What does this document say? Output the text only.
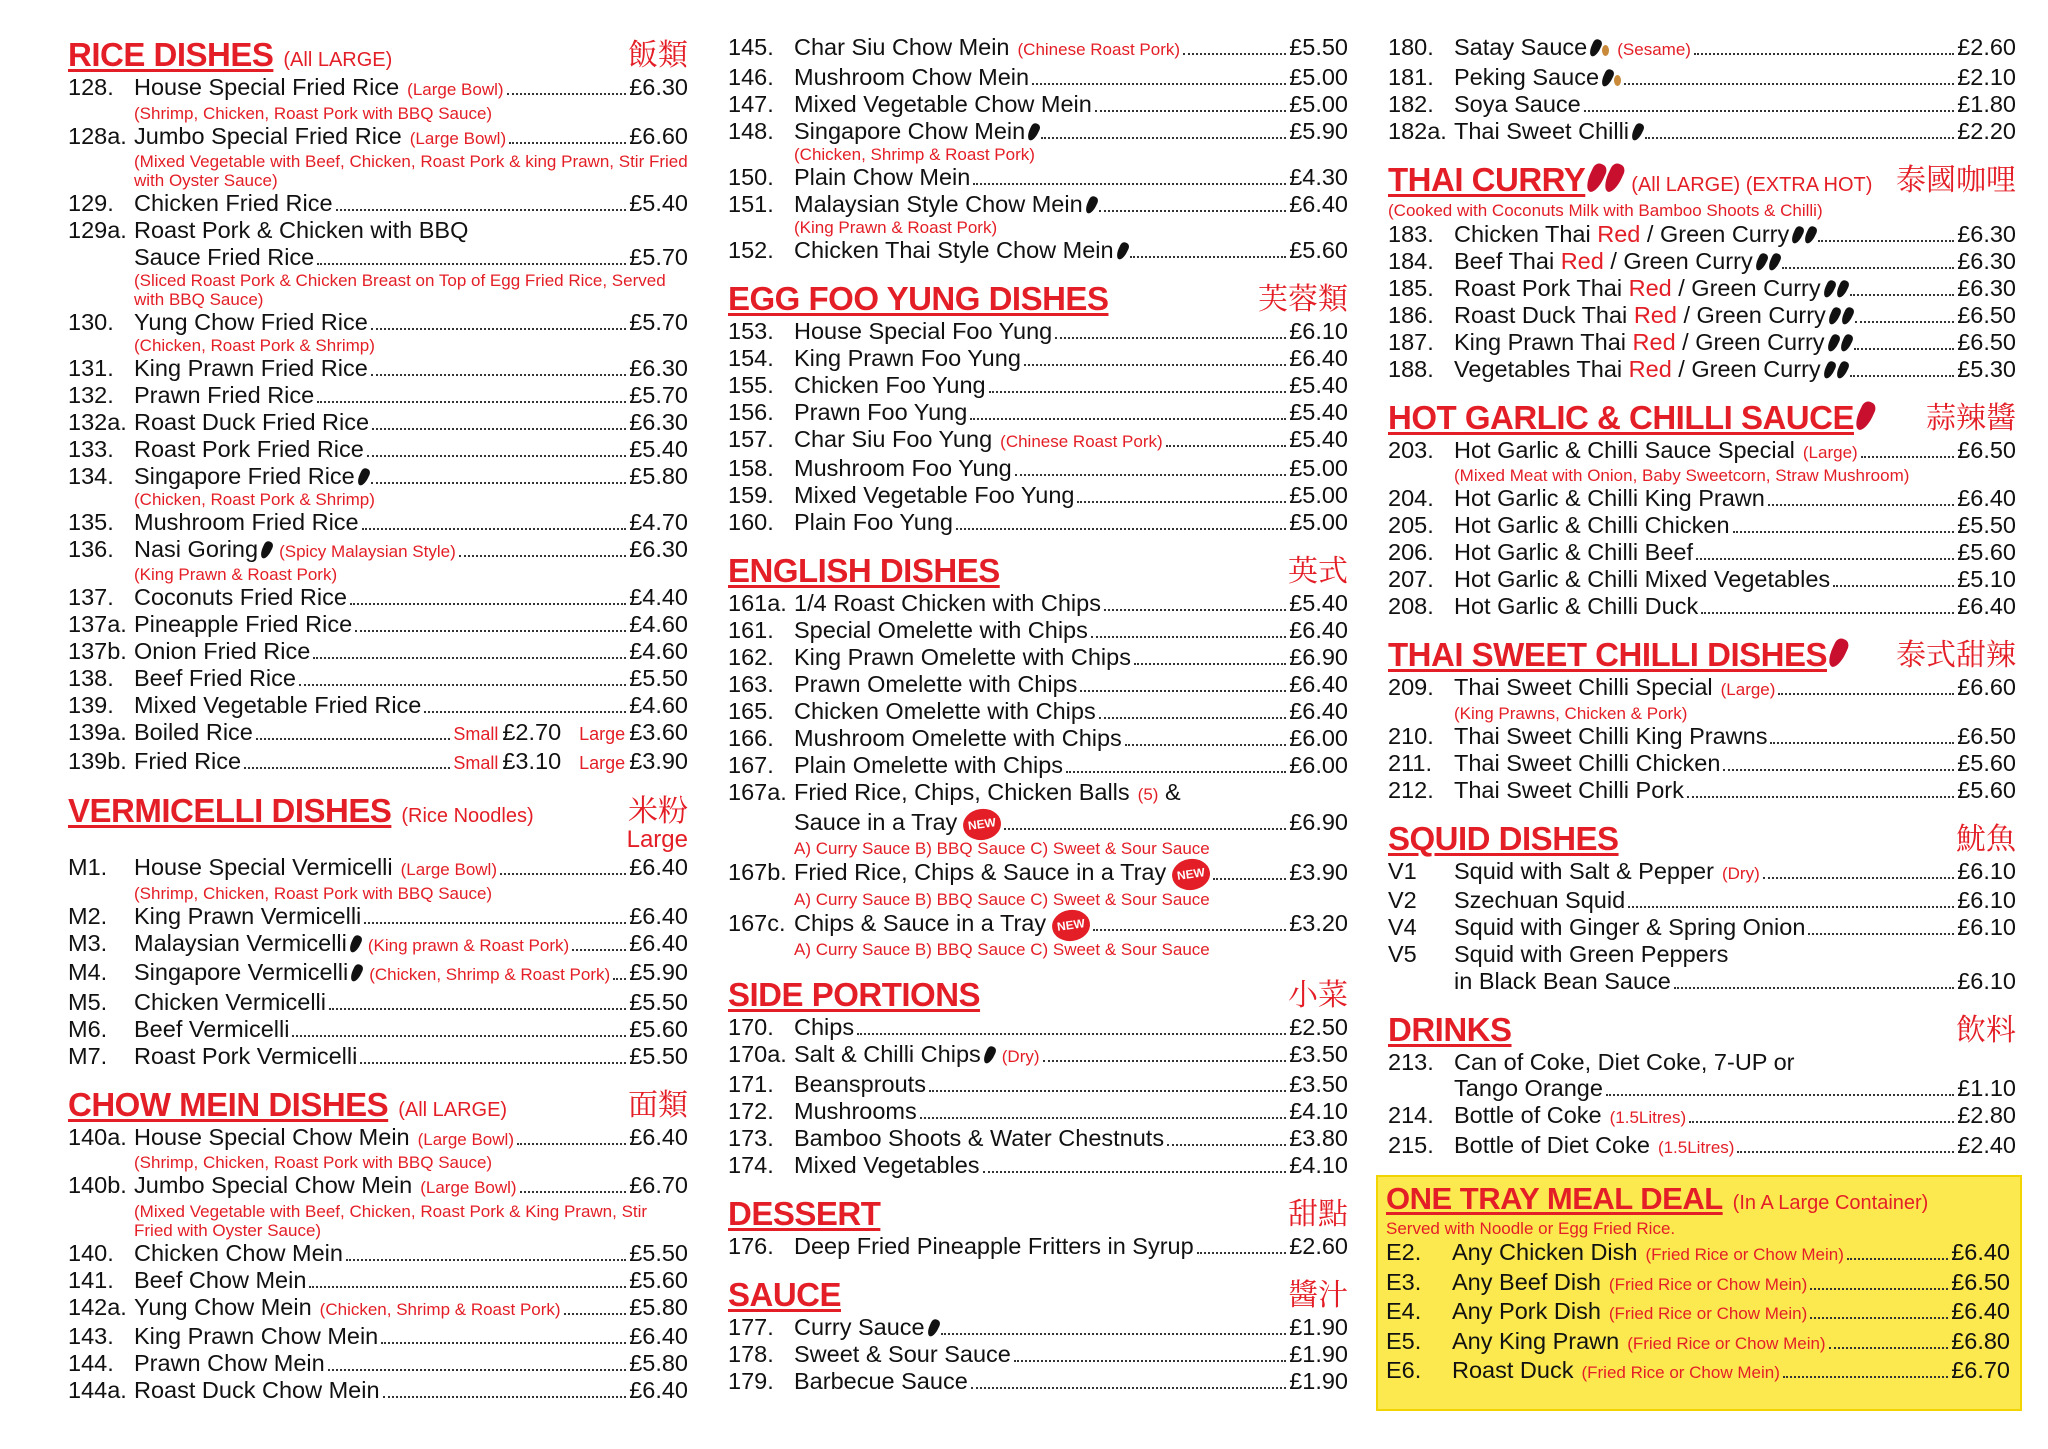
RICE DISHES (All LARGE)	飯類
128. House Special Fried Rice (Large Bowl)	£6.30
(Shrimp, Chicken, Roast Pork with BBQ Sauce)
128a. Jumbo Special Fried Rice (Large Bowl)	£6.60
(Mixed Vegetable with Beef, Chicken, Roast Pork & king Prawn, Stir Fried with Oyster Sauce)
129. Chicken Fried Rice	£5.40
129a. Roast Pork & Chicken with BBQ
Sauce Fried Rice	£5.70
(Sliced Roast Pork & Chicken Breast on Top of Egg Fried Rice, Served with BBQ Sauce)
130. Yung Chow Fried Rice	£5.70
(Chicken, Roast Pork & Shrimp)
131. King Prawn Fried Rice	£6.30
132. Prawn Fried Rice	£5.70
132a. Roast Duck Fried Rice	£6.30
133. Roast Pork Fried Rice	£5.40
134. Singapore Fried Rice	£5.80
(Chicken, Roast Pork & Shrimp)
135. Mushroom Fried Rice	£4.70
136. Nasi Goring (Spicy Malaysian Style)	£6.30
(King Prawn & Roast Pork)
137. Coconuts Fried Rice	£4.40
137a. Pineapple Fried Rice	£4.60
137b. Onion Fried Rice	£4.60
138. Beef Fried Rice	£5.50
139. Mixed Vegetable Fried Rice	£4.60
139a. Boiled Rice	Small £2.70 Large £3.60
139b. Fried Rice	Small £3.10 Large £3.90
VERMICELLI DISHES (Rice Noodles)	米粉
Large
M1.	House Special Vermicelli (Large Bowl)	£6.40
(Shrimp, Chicken, Roast Pork with BBQ Sauce)
M2.	King Prawn Vermicelli	£6.40
M3.	Malaysian Vermicelli (King prawn & Roast Pork)	£6.40
M4.	Singapore Vermicelli (Chicken, Shrimp & Roast Pork) £5.90
M5.	Chicken Vermicelli	£5.50
M6.	Beef Vermicelli	£5.60
M7.	Roast Pork Vermicelli	£5.50
CHOW MEIN DISHES (All LARGE)	面類
140a. House Special Chow Mein (Large Bowl)	£6.40
(Shrimp, Chicken, Roast Pork with BBQ Sauce)
140b. Jumbo Special Chow Mein (Large Bowl)	£6.70
(Mixed Vegetable with Beef, Chicken, Roast Pork & King Prawn, Stir Fried with Oyster Sauce)
140. Chicken Chow Mein	£5.50
141. Beef Chow Mein	£5.60
142a. Yung Chow Mein (Chicken, Shrimp & Roast Pork)	£5.80
143. King Prawn Chow Mein	£6.40
144. Prawn Chow Mein	£5.80
144a. Roast Duck Chow Mein	£6.40
145. Char Siu Chow Mein (Chinese Roast Pork)	£5.50
146. Mushroom Chow Mein	£5.00
147. Mixed Vegetable Chow Mein	£5.00
148. Singapore Chow Mein	£5.90
(Chicken, Shrimp & Roast Pork)
150. Plain Chow Mein	£4.30
151. Malaysian Style Chow Mein	£6.40
(King Prawn & Roast Pork)
152. Chicken Thai Style Chow Mein	£5.60
EGG FOO YUNG DISHES	芙蓉類
153. House Special Foo Yung	£6.10
154. King Prawn Foo Yung	£6.40
155. Chicken Foo Yung	£5.40
156. Prawn Foo Yung	£5.40
157. Char Siu Foo Yung (Chinese Roast Pork)	£5.40
158. Mushroom Foo Yung	£5.00
159. Mixed Vegetable Foo Yung	£5.00
160. Plain Foo Yung	£5.00
ENGLISH DISHES	英式
161a. 1/4 Roast Chicken with Chips	£5.40
161. Special Omelette with Chips	£6.40
162. King Prawn Omelette with Chips	£6.90
163. Prawn Omelette with Chips	£6.40
165. Chicken Omelette with Chips	£6.40
166. Mushroom Omelette with Chips	£6.00
167. Plain Omelette with Chips	£6.00
167a. Fried Rice, Chips, Chicken Balls (5) &
Sauce in a Tray NEW	£6.90
A) Curry Sauce B) BBQ Sauce C) Sweet & Sour Sauce
167b. Fried Rice, Chips & Sauce in a Tray NEW	£3.90
A) Curry Sauce B) BBQ Sauce C) Sweet & Sour Sauce
167c. Chips & Sauce in a Tray NEW	£3.20
A) Curry Sauce B) BBQ Sauce C) Sweet & Sour Sauce
SIDE PORTIONS	小菜
170. Chips	£2.50
170a. Salt & Chilli Chips (Dry)	£3.50
171. Beansprouts	£3.50
172. Mushrooms	£4.10
173. Bamboo Shoots & Water Chestnuts	£3.80
174. Mixed Vegetables	£4.10
DESSERT	甜點
176. Deep Fried Pineapple Fritters in Syrup	£2.60
SAUCE	醬汁
177. Curry Sauce	£1.90
178. Sweet & Sour Sauce	£1.90
179. Barbecue Sauce	£1.90
180. Satay Sauce (Sesame)	£2.60
181. Peking Sauce	£2.10
182. Soya Sauce	£1.80
182a. Thai Sweet Chilli	£2.20
THAI CURRY (All LARGE) (EXTRA HOT) 泰國咖哩
(Cooked with Coconuts Milk with Bamboo Shoots & Chilli)
183. Chicken Thai Red / Green Curry	£6.30
184. Beef Thai Red / Green Curry	£6.30
185. Roast Pork Thai Red / Green Curry	£6.30
186. Roast Duck Thai Red / Green Curry	£6.50
187. King Prawn Thai Red / Green Curry	£6.50
188. Vegetables Thai Red / Green Curry	£5.30
HOT GARLIC & CHILLI SAUCE	蒜辣醬
203. Hot Garlic & Chilli Sauce Special (Large)	£6.50
(Mixed Meat with Onion, Baby Sweetcorn, Straw Mushroom)
204. Hot Garlic & Chilli King Prawn	£6.40
205. Hot Garlic & Chilli Chicken	£5.50
206. Hot Garlic & Chilli Beef	£5.60
207. Hot Garlic & Chilli Mixed Vegetables	£5.10
208. Hot Garlic & Chilli Duck	£6.40
THAI SWEET CHILLI DISHES	泰式甜辣
209. Thai Sweet Chilli Special (Large)	£6.60
(King Prawns, Chicken & Pork)
210. Thai Sweet Chilli King Prawns	£6.50
211. Thai Sweet Chilli Chicken	£5.60
212. Thai Sweet Chilli Pork	£5.60
SQUID DISHES	魷魚
V1	Squid with Salt & Pepper (Dry)	£6.10
V2	Szechuan Squid	£6.10
V4	Squid with Ginger & Spring Onion	£6.10
V5	Squid with Green Peppers
in Black Bean Sauce	£6.10
DRINKS	飲料
213. Can of Coke, Diet Coke, 7-UP or
Tango Orange	£1.10
214. Bottle of Coke (1.5Litres)	£2.80
215. Bottle of Diet Coke (1.5Litres)	£2.40
ONE TRAY MEAL DEAL (In A Large Container)
Served with Noodle or Egg Fried Rice.
E2.	Any Chicken Dish (Fried Rice or Chow Mein)	£6.40
E3.	Any Beef Dish (Fried Rice or Chow Mein)	£6.50
E4.	Any Pork Dish (Fried Rice or Chow Mein)	£6.40
E5.	Any King Prawn (Fried Rice or Chow Mein)	£6.80
E6.	Roast Duck (Fried Rice or Chow Mein)	£6.70
